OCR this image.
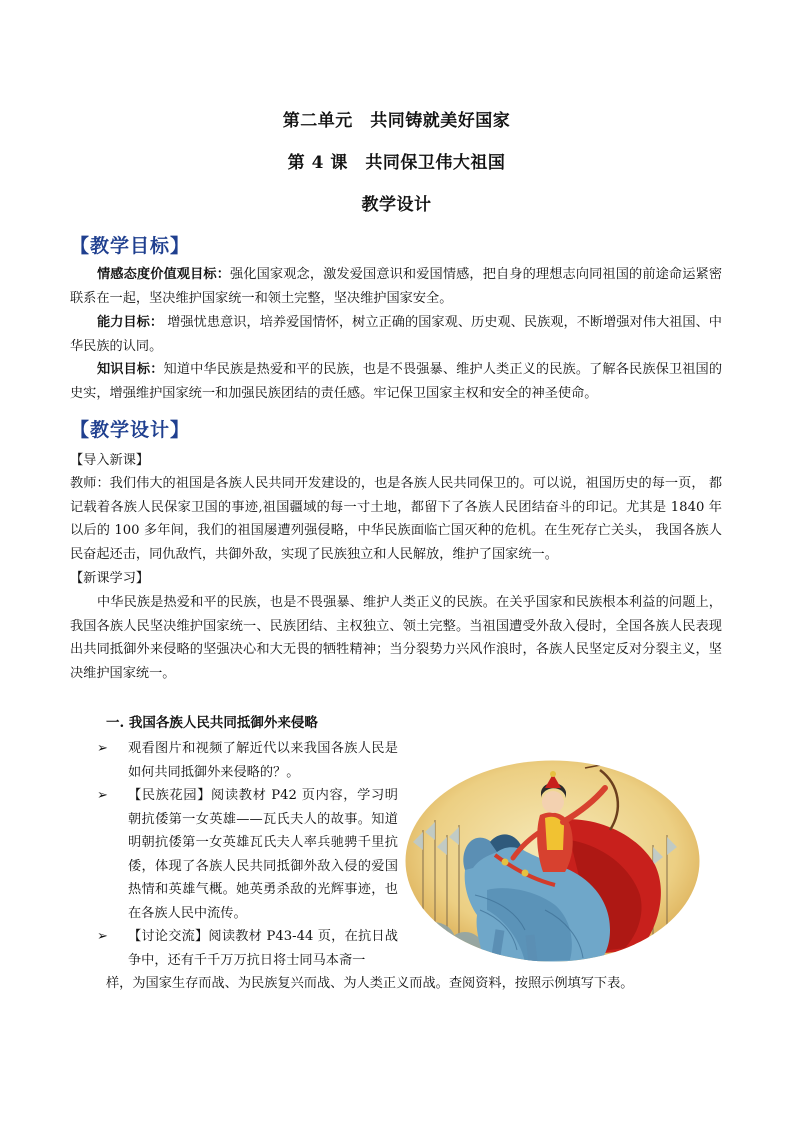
第二单元　共同铸就美好国家
第 4 课　共同保卫伟大祖国
教学设计
【教学目标】

情感态度价值观目标：强化国家观念，激发爱国意识和爱国情感，把自身的理想志向同祖国的前途命运紧密联系在一起，坚决维护国家统一和领土完整，坚决维护国家安全。

能力目标： 增强忧患意识，培养爱国情怀，树立正确的国家观、历史观、民族观，不断增强对伟大祖国、中华民族的认同。

知识目标：知道中华民族是热爱和平的民族，也是不畏强暴、维护人类正义的民族。了解各民族保卫祖国的史实，增强维护国家统一和加强民族团结的责任感。牢记保卫国家主权和安全的神圣使命。

【教学设计】
【导入新课】

教师：我们伟大的祖国是各族人民共同开发建设的，也是各族人民共同保卫的。可以说，祖国历史的每一页， 都记载着各族人民保家卫国的事迹,祖国疆域的每一寸土地，都留下了各族人民团结奋斗的印记。尤其是 1840 年以后的 100 多年间，我们的祖国屡遭列强侵略，中华民族面临亡国灭种的危机。在生死存亡关头， 我国各族人民奋起还击，同仇敌忾，共御外敌，实现了民族独立和人民解放，维护了国家统一。

【新课学习】

中华民族是热爱和平的民族，也是不畏强暴、维护人类正义的民族。在关乎国家和民族根本利益的问题上，我国各族人民坚决维护国家统一、民族团结、主权独立、领土完整。当祖国遭受外敌入侵时，全国各族人民表现出共同抵御外来侵略的坚强决心和大无畏的牺牲精神；当分裂势力兴风作浪时，各族人民坚定反对分裂主义，坚决维护国家统一。

一. 我国各族人民共同抵御外来侵略
➢	观看图片和视频了解近代以来我国各族人民是如何共同抵御外来侵略的？。

➢	【民族花园】阅读教材 P42 页内容，学习明朝抗倭第一女英雄——瓦氏夫人的故事。知道明朝抗倭第一女英雄瓦氏夫人率兵驰骋千里抗倭，体现了各族人民共同抵御外敌入侵的爱国热情和英雄气概。她英勇杀敌的光辉事迹，也在各族人民中流传。

➢	【讨论交流】阅读教材 P43-44 页，在抗日战争中，还有千千万万抗日将士同马本斋一

样，为国家生存而战、为民族复兴而战、为人类正义而战。查阅资料，按照示例填写下表。
